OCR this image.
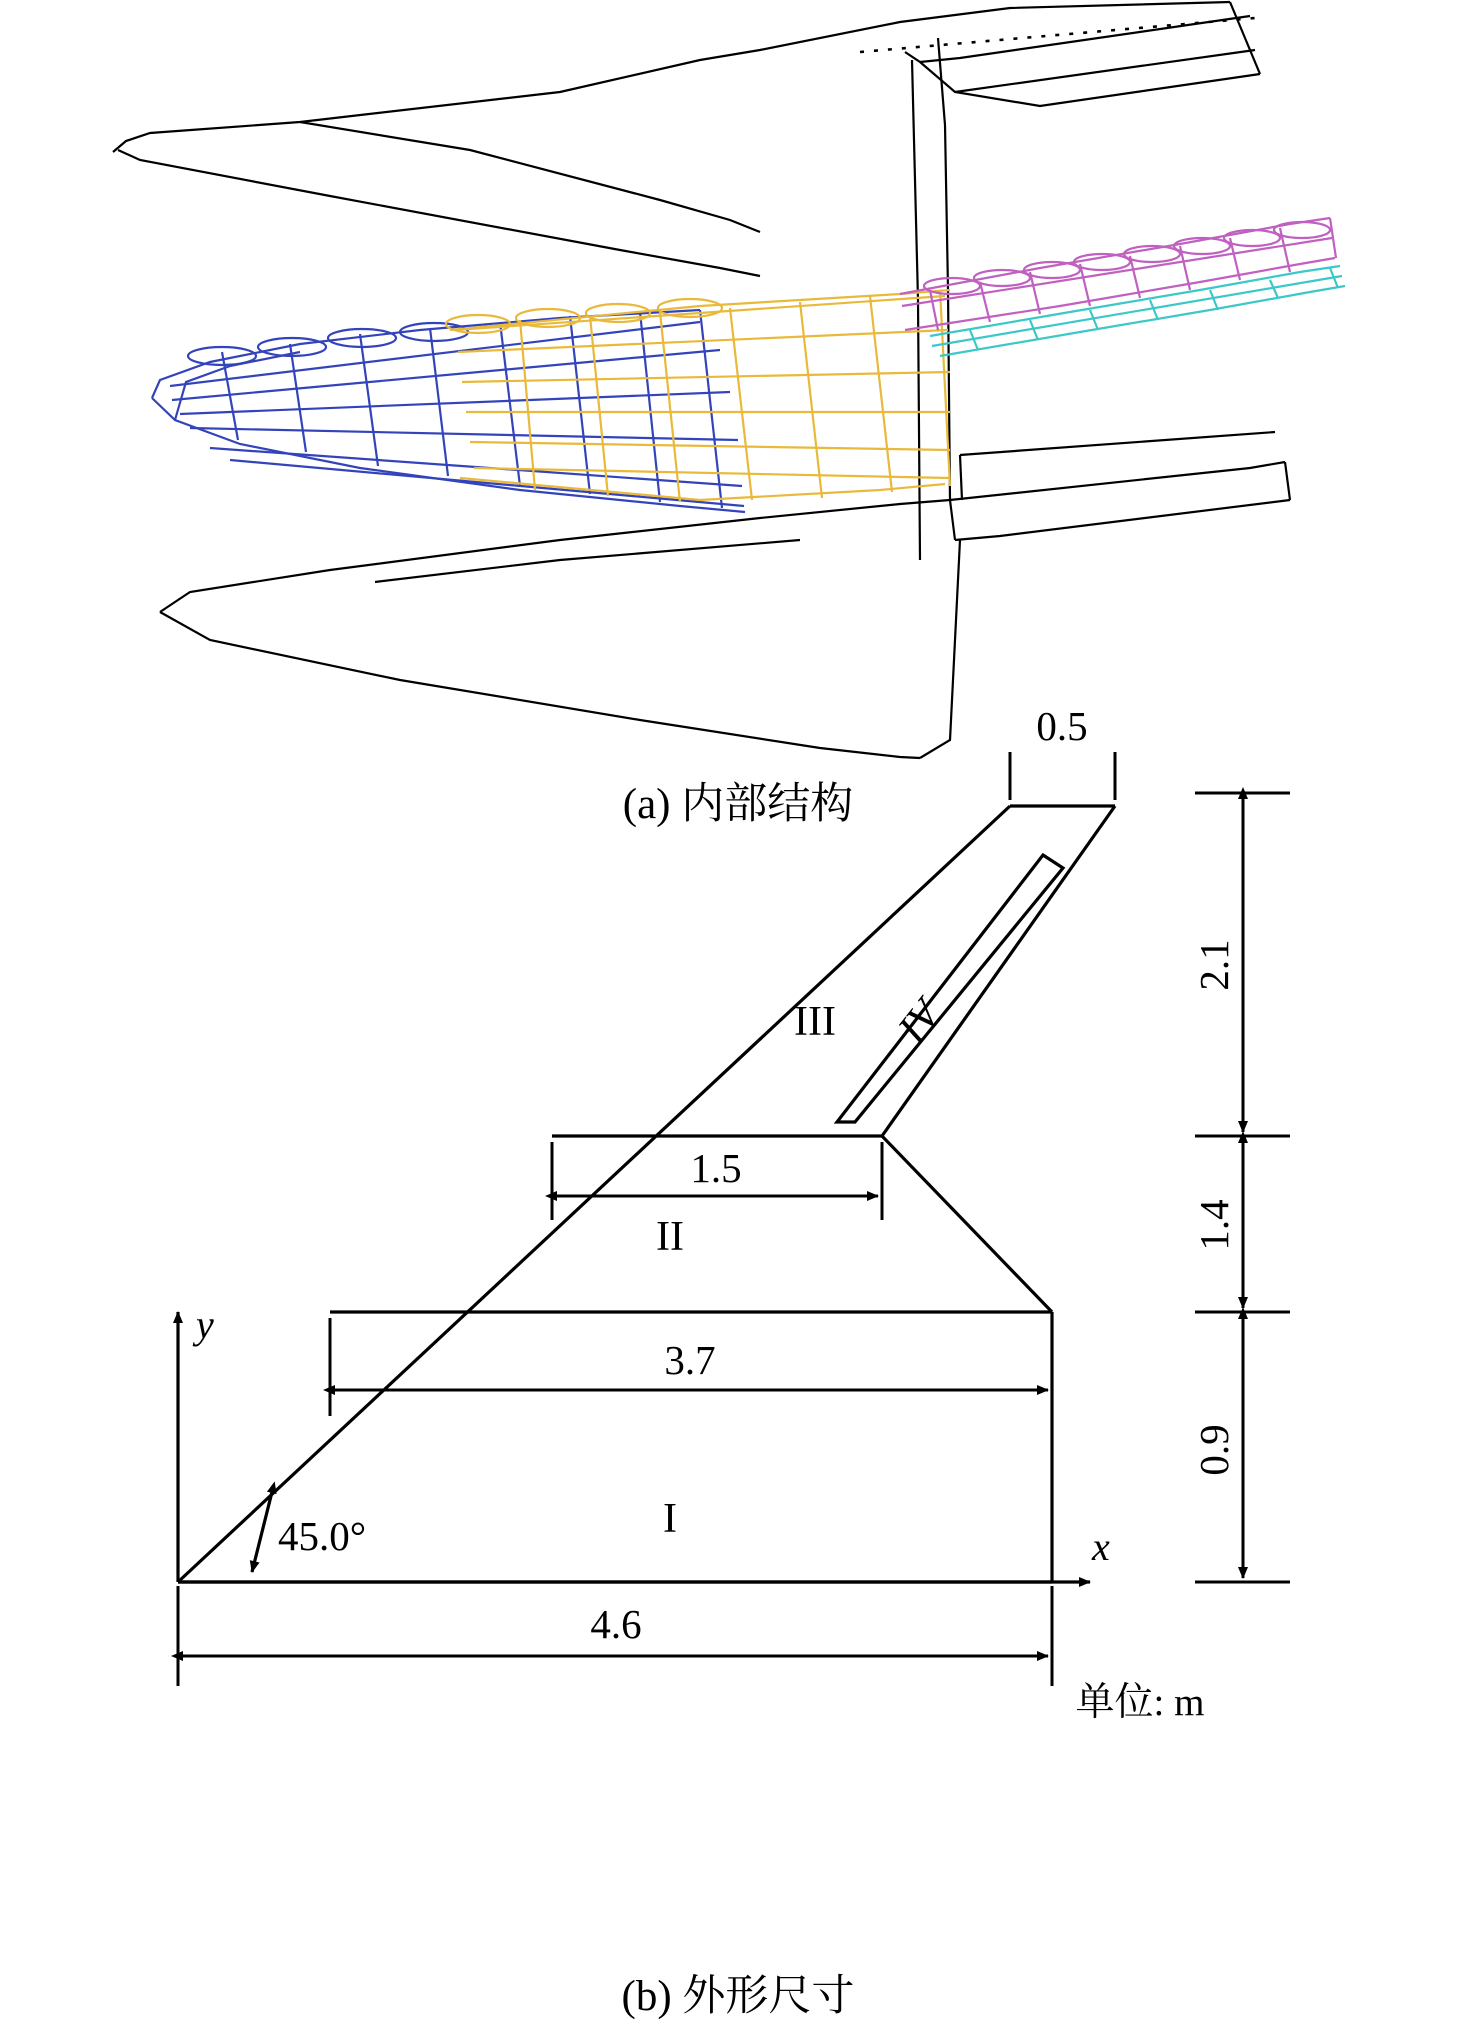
(a) 内部结构
I
II
III IV
y
x
45.0°
0.5
1.5
3.7
4.6
2.1
1.4
0.9
单位: m
(b) 外形尺寸
